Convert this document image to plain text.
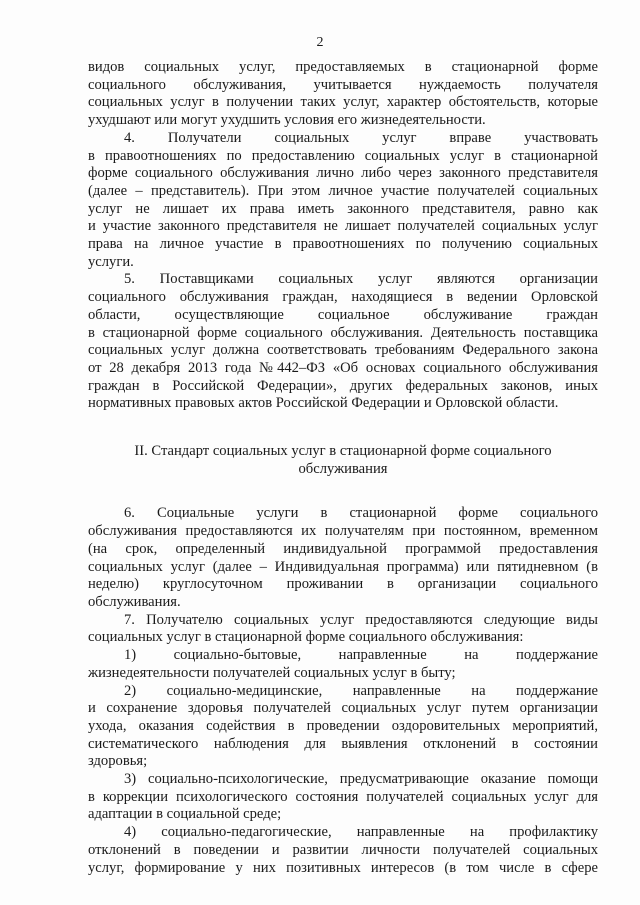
2
видов социальных услуг, предоставляемых в стационарной форме
социального обслуживания, учитывается нуждаемость получателя
социальных услуг в получении таких услуг, характер обстоятельств, которые
ухудшают или могут ухудшить условия его жизнедеятельности.
4. Получатели социальных услуг вправе участвовать
в правоотношениях по предоставлению социальных услуг в стационарной
форме социального обслуживания лично либо через законного представителя
(далее – представитель). При этом личное участие получателей социальных
услуг не лишает их права иметь законного представителя, равно как
и участие законного представителя не лишает получателей социальных услуг
права на личное участие в правоотношениях по получению социальных
услуги.
5. Поставщиками социальных услуг являются организации
социального обслуживания граждан, находящиеся в ведении Орловской
области, осуществляющие социальное обслуживание граждан
в стационарной форме социального обслуживания. Деятельность поставщика
социальных услуг должна соответствовать требованиям Федерального закона
от 28 декабря 2013 года №442–ФЗ «Об основах социального обслуживания
граждан в Российской Федерации», других федеральных законов, иных
нормативных правовых актов Российской Федерации и Орловской области.
II. Стандарт социальных услуг в стационарной форме социального
обслуживания
6. Социальные услуги в стационарной форме социального
обслуживания предоставляются их получателям при постоянном, временном
(на срок, определенный индивидуальной программой предоставления
социальных услуг (далее – Индивидуальная программа) или пятидневном (в
неделю) круглосуточном проживании в организации социального
обслуживания.
7. Получателю социальных услуг предоставляются следующие виды
социальных услуг в стационарной форме социального обслуживания:
1) социально-бытовые, направленные на поддержание
жизнедеятельности получателей социальных услуг в быту;
2) социально-медицинские, направленные на поддержание
и сохранение здоровья получателей социальных услуг путем организации
ухода, оказания содействия в проведении оздоровительных мероприятий,
систематического наблюдения для выявления отклонений в состоянии
здоровья;
3) социально-психологические, предусматривающие оказание помощи
в коррекции психологического состояния получателей социальных услуг для
адаптации в социальной среде;
4) социально-педагогические, направленные на профилактику
отклонений в поведении и развитии личности получателей социальных
услуг, формирование у них позитивных интересов (в том числе в сфере
